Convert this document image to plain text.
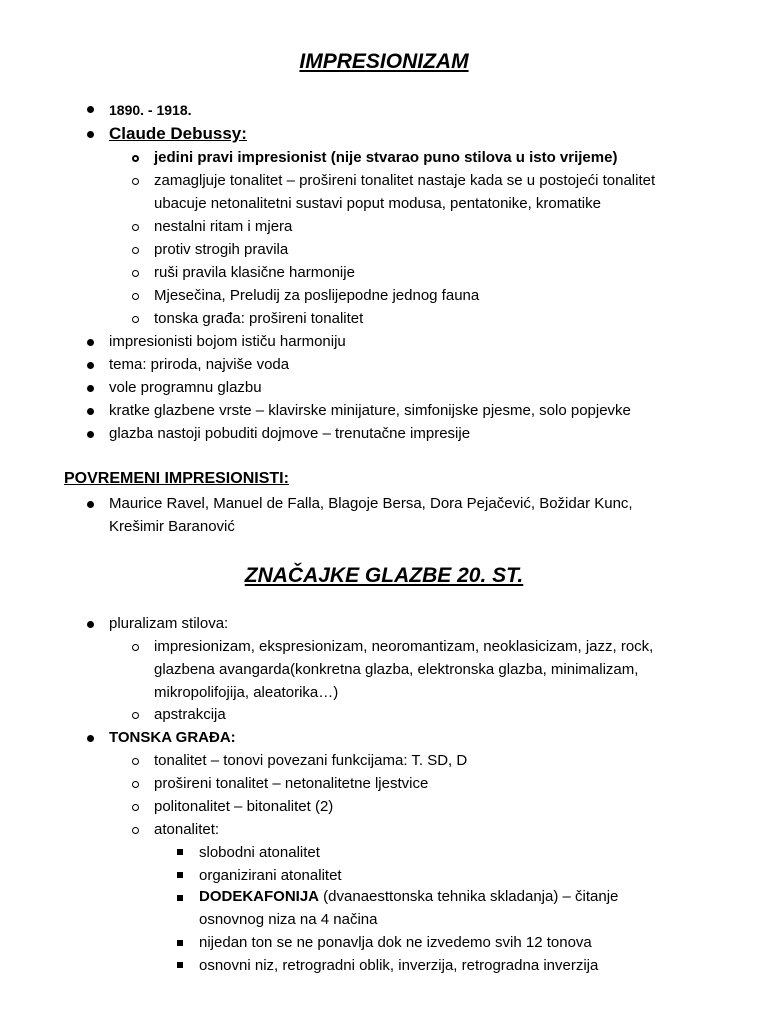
IMPRESIONIZAM
1890. - 1918.
Claude Debussy:
jedini pravi impresionist (nije stvarao puno stilova u isto vrijeme)
zamagljuje tonalitet – prošireni tonalitet nastaje kada se u postojeći tonalitet
ubacuje netonalitetni sustavi poput modusa, pentatonike, kromatike
nestalni ritam i mjera
protiv strogih pravila
ruši pravila klasične harmonije
Mjesečina, Preludij za poslijepodne jednog fauna
tonska građa: prošireni tonalitet
impresionisti bojom ističu harmoniju
tema: priroda, najviše voda
vole programnu glazbu
kratke glazbene vrste – klavirske minijature, simfonijske pjesme, solo popjevke
glazba nastoji pobuditi dojmove – trenutačne impresije
POVREMENI IMPRESIONISTI:
Maurice Ravel, Manuel de Falla, Blagoje Bersa, Dora Pejačević, Božidar Kunc,
Krešimir Baranović
ZNAČAJKE GLAZBE 20. ST.
pluralizam stilova:
impresionizam, ekspresionizam, neoromantizam, neoklasicizam, jazz, rock,
glazbena avangarda(konkretna glazba, elektronska glazba, minimalizam,
mikropolifojija, aleatorika…)
apstrakcija
TONSKA GRAĐA:
tonalitet – tonovi povezani funkcijama: T. SD, D
prošireni tonalitet – netonalitetne ljestvice
politonalitet – bitonalitet (2)
atonalitet:
slobodni atonalitet
organizirani atonalitet
DODEKAFONIJA (dvanaesttonska tehnika skladanja) – čitanje
osnovnog niza na 4 načina
nijedan ton se ne ponavlja dok ne izvedemo svih 12 tonova
osnovni niz, retrogradni oblik, inverzija, retrogradna inverzija
